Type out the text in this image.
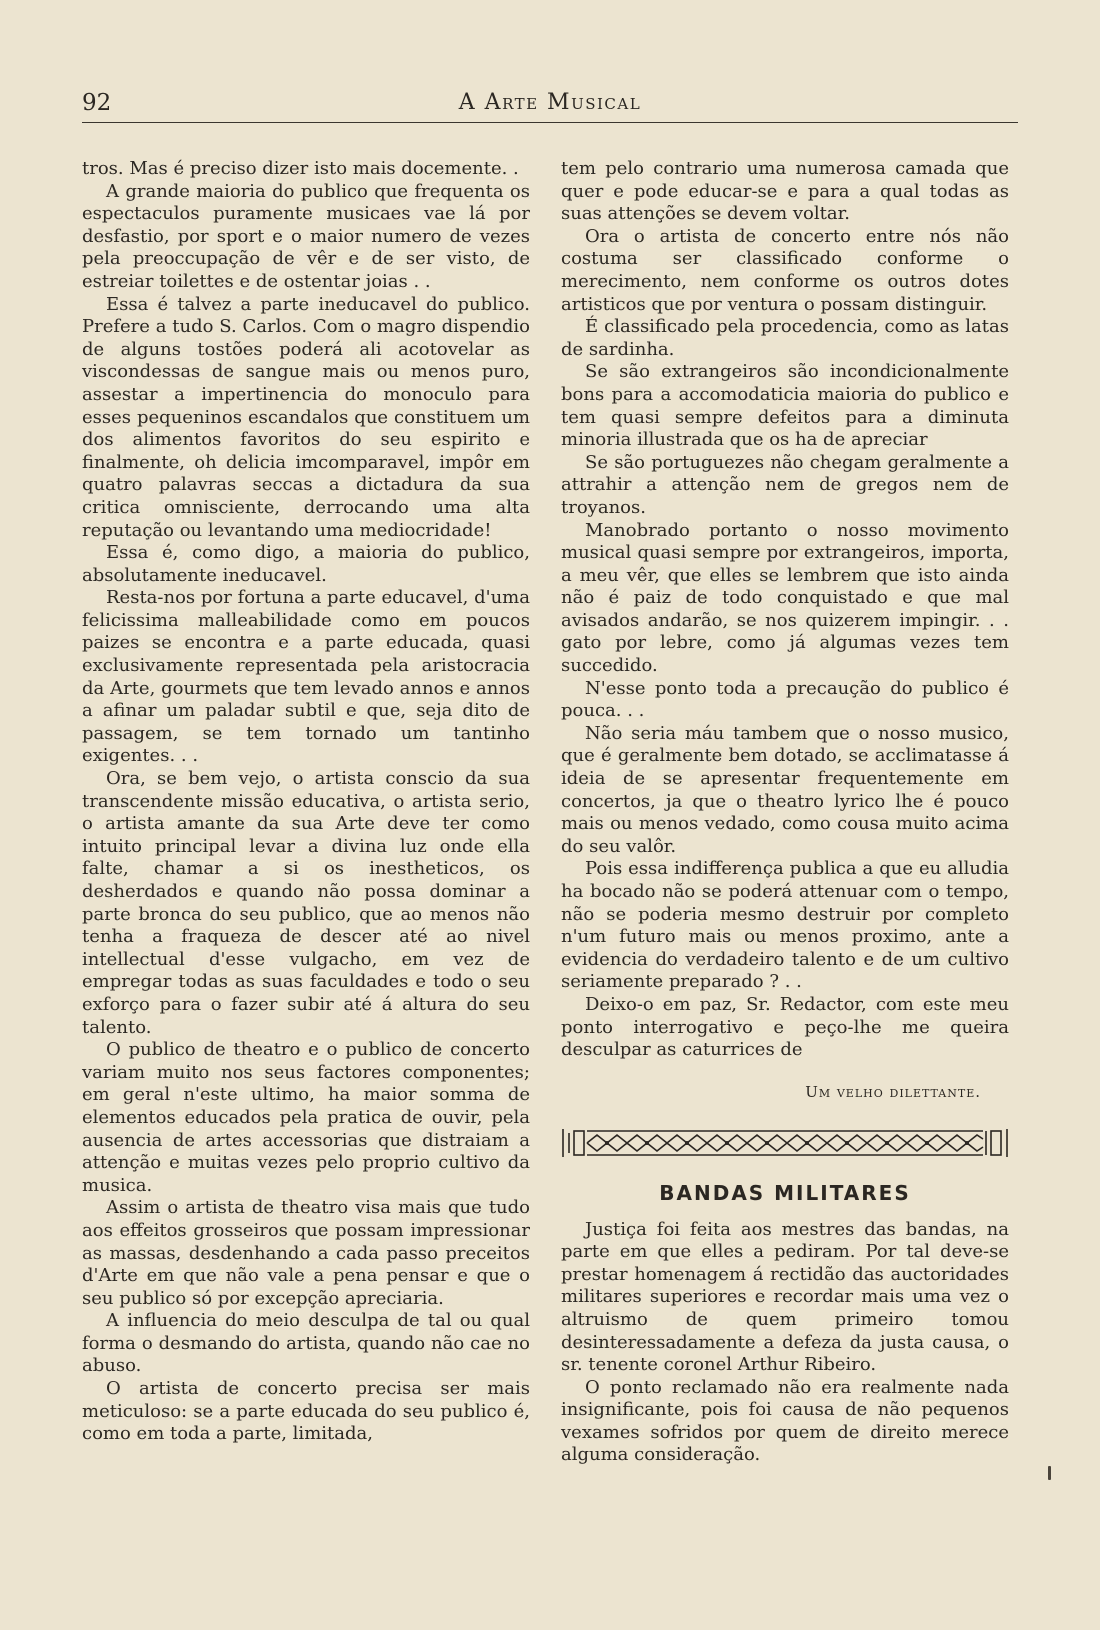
92	A Arte Musical

tros. Mas é preciso dizer isto mais docemente. .

A grande maioria do publico que frequenta os espectaculos puramente musicaes vae lá por desfastio, por sport e o maior numero de vezes pela preoccupação de vêr e de ser visto, de estreiar toilettes e de ostentar joias . .

Essa é talvez a parte ineducavel do publico. Prefere a tudo S. Carlos. Com o magro dispendio de alguns tostões poderá ali acotovelar as viscondessas de sangue mais ou menos puro, assestar a impertinencia do monoculo para esses pequeninos escandalos que constituem um dos alimentos favoritos do seu espirito e finalmente, oh delicia imcomparavel, impôr em quatro palavras seccas a dictadura da sua critica omnisciente, derrocando uma alta reputação ou levantando uma mediocridade!

Essa é, como digo, a maioria do publico, absolutamente ineducavel.

Resta-nos por fortuna a parte educavel, d'uma felicissima malleabilidade como em poucos paizes se encontra e a parte educada, quasi exclusivamente representada pela aristocracia da Arte, gourmets que tem levado annos e annos a afinar um paladar subtil e que, seja dito de passagem, se tem tornado um tantinho exigentes. . .

Ora, se bem vejo, o artista conscio da sua transcendente missão educativa, o artista serio, o artista amante da sua Arte deve ter como intuito principal levar a divina luz onde ella falte, chamar a si os inestheticos, os desherdados e quando não possa dominar a parte bronca do seu publico, que ao menos não tenha a fraqueza de descer até ao nivel intellectual d'esse vulgacho, em vez de empregar todas as suas faculdades e todo o seu exforço para o fazer subir até á altura do seu talento.

O publico de theatro e o publico de concerto variam muito nos seus factores componentes; em geral n'este ultimo, ha maior somma de elementos educados pela pratica de ouvir, pela ausencia de artes accessorias que distraiam a attenção e muitas vezes pelo proprio cultivo da musica.

Assim o artista de theatro visa mais que tudo aos effeitos grosseiros que possam impressionar as massas, desdenhando a cada passo preceitos d'Arte em que não vale a pena pensar e que o seu publico só por excepção apreciaria.

A influencia do meio desculpa de tal ou qual forma o desmando do artista, quando não cae no abuso.

O artista de concerto precisa ser mais meticuloso: se a parte educada do seu publico é, como em toda a parte, limitada,

tem pelo contrario uma numerosa camada que quer e pode educar-se e para a qual todas as suas attenções se devem voltar.

Ora o artista de concerto entre nós não costuma ser classificado conforme o merecimento, nem conforme os outros dotes artisticos que por ventura o possam distinguir.

É classificado pela procedencia, como as latas de sardinha.

Se são extrangeiros são incondicionalmente bons para a accomodaticia maioria do publico e tem quasi sempre defeitos para a diminuta minoria illustrada que os ha de apreciar

Se são portuguezes não chegam geralmente a attrahir a attenção nem de gregos nem de troyanos.

Manobrado portanto o nosso movimento musical quasi sempre por extrangeiros, importa, a meu vêr, que elles se lembrem que isto ainda não é paiz de todo conquistado e que mal avisados andarão, se nos quizerem impingir. . . gato por lebre, como já algumas vezes tem succedido.

N'esse ponto toda a precaução do publico é pouca. . .

Não seria máu tambem que o nosso musico, que é geralmente bem dotado, se acclimatasse á ideia de se apresentar frequentemente em concertos, ja que o theatro lyrico lhe é pouco mais ou menos vedado, como cousa muito acima do seu valôr.

Pois essa indifferença publica a que eu alludia ha bocado não se poderá attenuar com o tempo, não se poderia mesmo destruir por completo n'um futuro mais ou menos proximo, ante a evidencia do verdadeiro talento e de um cultivo seriamente preparado ? . .

Deixo-o em paz, Sr. Redactor, com este meu ponto interrogativo e peço-lhe me queira desculpar as caturrices de

Um velho dilettante.
BANDAS MILITARES

Justiça foi feita aos mestres das bandas, na parte em que elles a pediram. Por tal deve-se prestar homenagem á rectidão das auctoridades militares superiores e recordar mais uma vez o altruismo de quem primeiro tomou desinteressadamente a defeza da justa causa, o sr. tenente coronel Arthur Ribeiro.

O ponto reclamado não era realmente nada insignificante, pois foi causa de não pequenos vexames sofridos por quem de direito merece alguma consideração.
